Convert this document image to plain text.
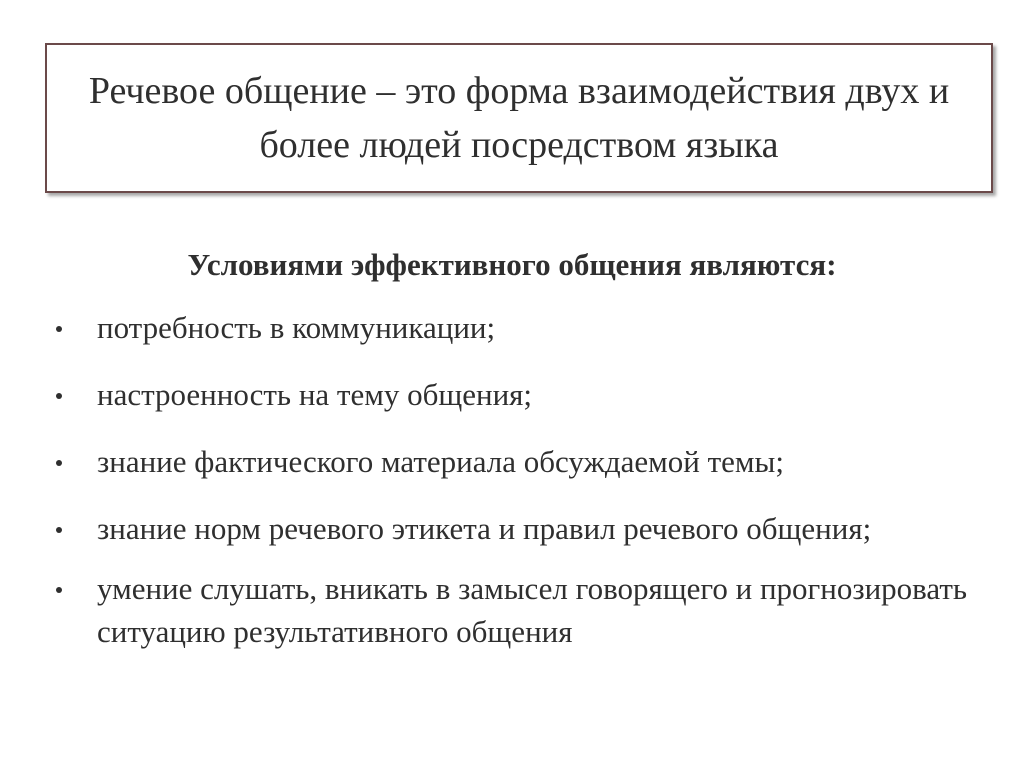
Речевое общение – это форма взаимодействия двух и более людей посредством языка
Условиями эффективного общения являются:
потребность в коммуникации;
настроенность на тему общения;
знание фактического материала обсуждаемой темы;
знание норм речевого этикета и правил речевого общения;
умение слушать, вникать в замысел говорящего и прогнозировать ситуацию результативного общения
